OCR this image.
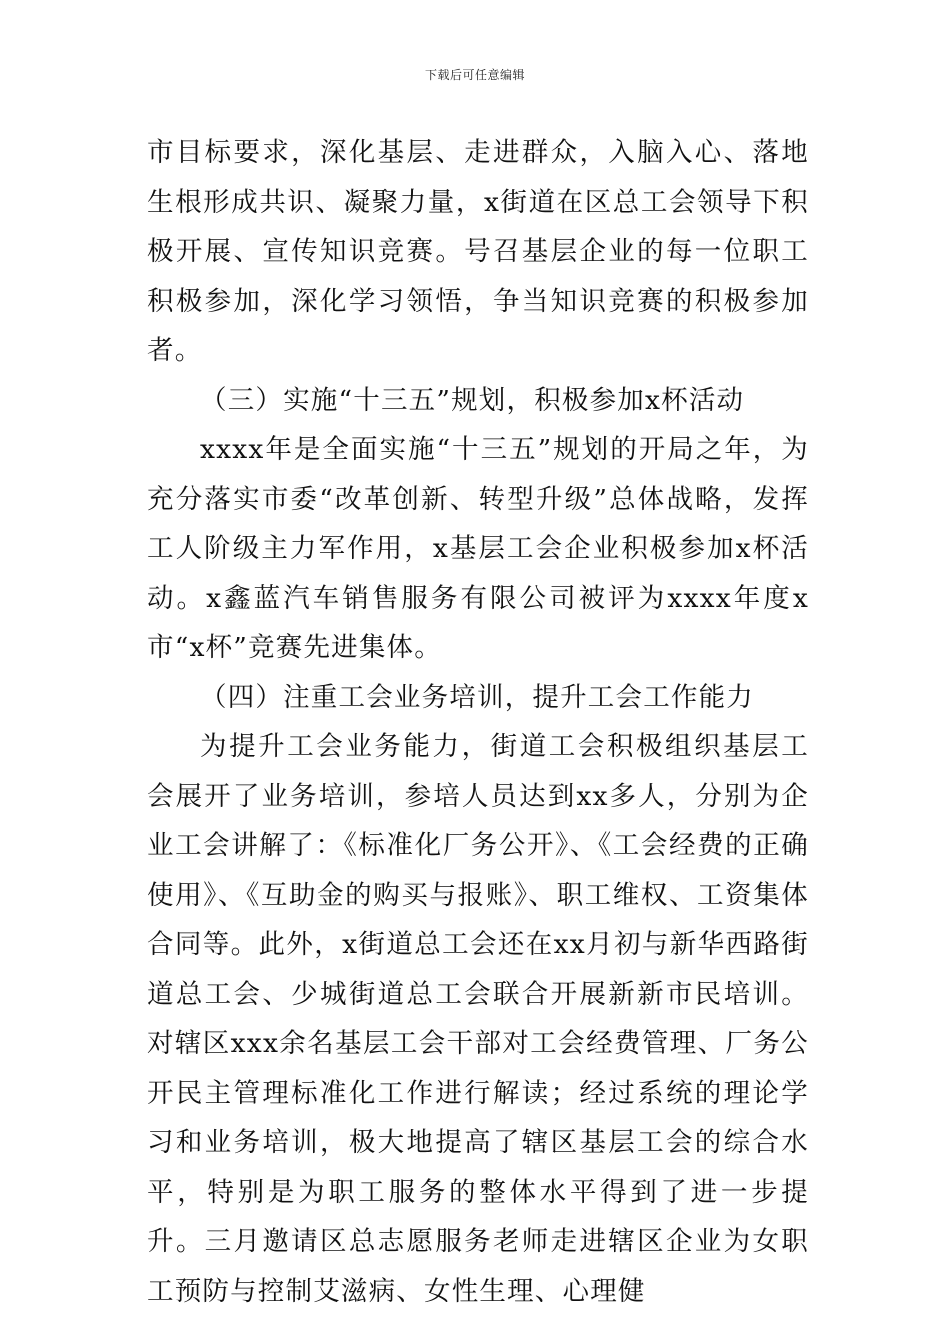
下载后可任意编辑

市目标要求，深化基层、走进群众，入脑入心、落地生根形成共识、凝聚力量，x街道在区总工会领导下积极开展、宣传知识竞赛。号召基层企业的每一位职工积极参加，深化学习领悟，争当知识竞赛的积极参加者。

（三）实施“十三五”规划，积极参加x杯活动

xxxx年是全面实施“十三五”规划的开局之年，为充分落实市委“改革创新、转型升级”总体战略，发挥工人阶级主力军作用，x基层工会企业积极参加x杯活动。x鑫蓝汽车销售服务有限公司被评为xxxx年度x市“x杯”竞赛先进集体。

（四）注重工会业务培训，提升工会工作能力

为提升工会业务能力，街道工会积极组织基层工会展开了业务培训，参培人员达到xx多人，分别为企业工会讲解了：《标准化厂务公开》、《工会经费的正确使用》、《互助金的购买与报账》、职工维权、工资集体合同等。此外，x街道总工会还在xx月初与新华西路街道总工会、少城街道总工会联合开展新新市民培训。对辖区xxx余名基层工会干部对工会经费管理、厂务公开民主管理标准化工作进行解读；经过系统的理论学习和业务培训，极大地提高了辖区基层工会的综合水平，特别是为职工服务的整体水平得到了进一步提升。三月邀请区总志愿服务老师走进辖区企业为女职工预防与控制艾滋病、女性生理、心理健
